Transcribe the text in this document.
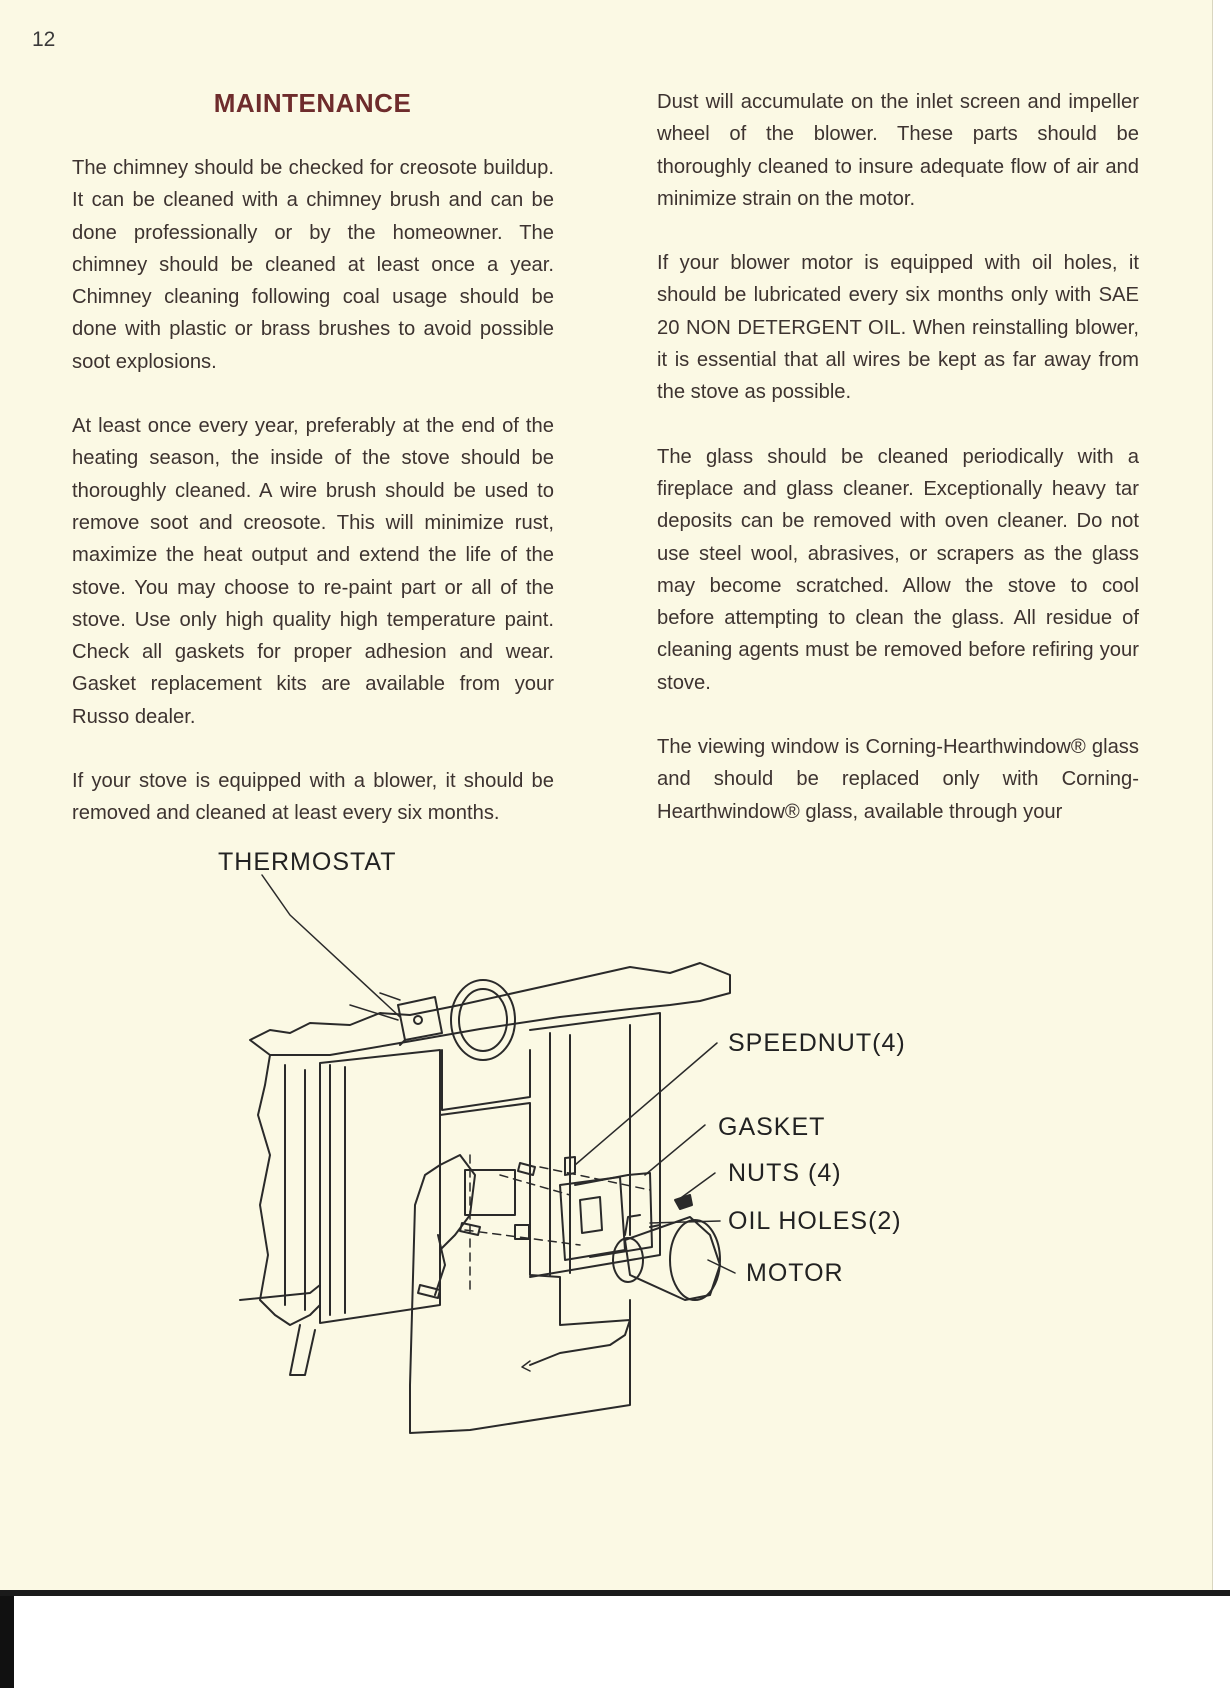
12
MAINTENANCE

The chimney should be checked for creosote buildup. It can be cleaned with a chimney brush and can be done professionally or by the homeowner. The chimney should be cleaned at least once a year. Chimney cleaning following coal usage should be done with plastic or brass brushes to avoid possible soot explosions.

At least once every year, preferably at the end of the heating season, the inside of the stove should be thoroughly cleaned. A wire brush should be used to remove soot and creosote. This will minimize rust, maximize the heat output and extend the life of the stove. You may choose to re-paint part or all of the stove. Use only high quality high temperature paint. Check all gaskets for proper adhesion and wear. Gasket replacement kits are available from your Russo dealer.

If your stove is equipped with a blower, it should be removed and cleaned at least every six months.

Dust will accumulate on the inlet screen and impeller wheel of the blower. These parts should be thoroughly cleaned to insure adequate flow of air and minimize strain on the motor.

If your blower motor is equipped with oil holes, it should be lubricated every six months only with SAE 20 NON DETERGENT OIL. When reinstalling blower, it is essential that all wires be kept as far away from the stove as possible.

The glass should be cleaned periodically with a fireplace and glass cleaner. Exceptionally heavy tar deposits can be removed with oven cleaner. Do not use steel wool, abrasives, or scrapers as the glass may become scratched. Allow the stove to cool before attempting to clean the glass. All residue of cleaning agents must be removed before refiring your stove.

The viewing window is Corning-Hearthwindow® glass and should be replaced only with Corning-Hearthwindow® glass, available through your

THERMOSTAT
SPEEDNUT(4)
GASKET
NUTS (4)
OIL HOLES(2)
MOTOR
